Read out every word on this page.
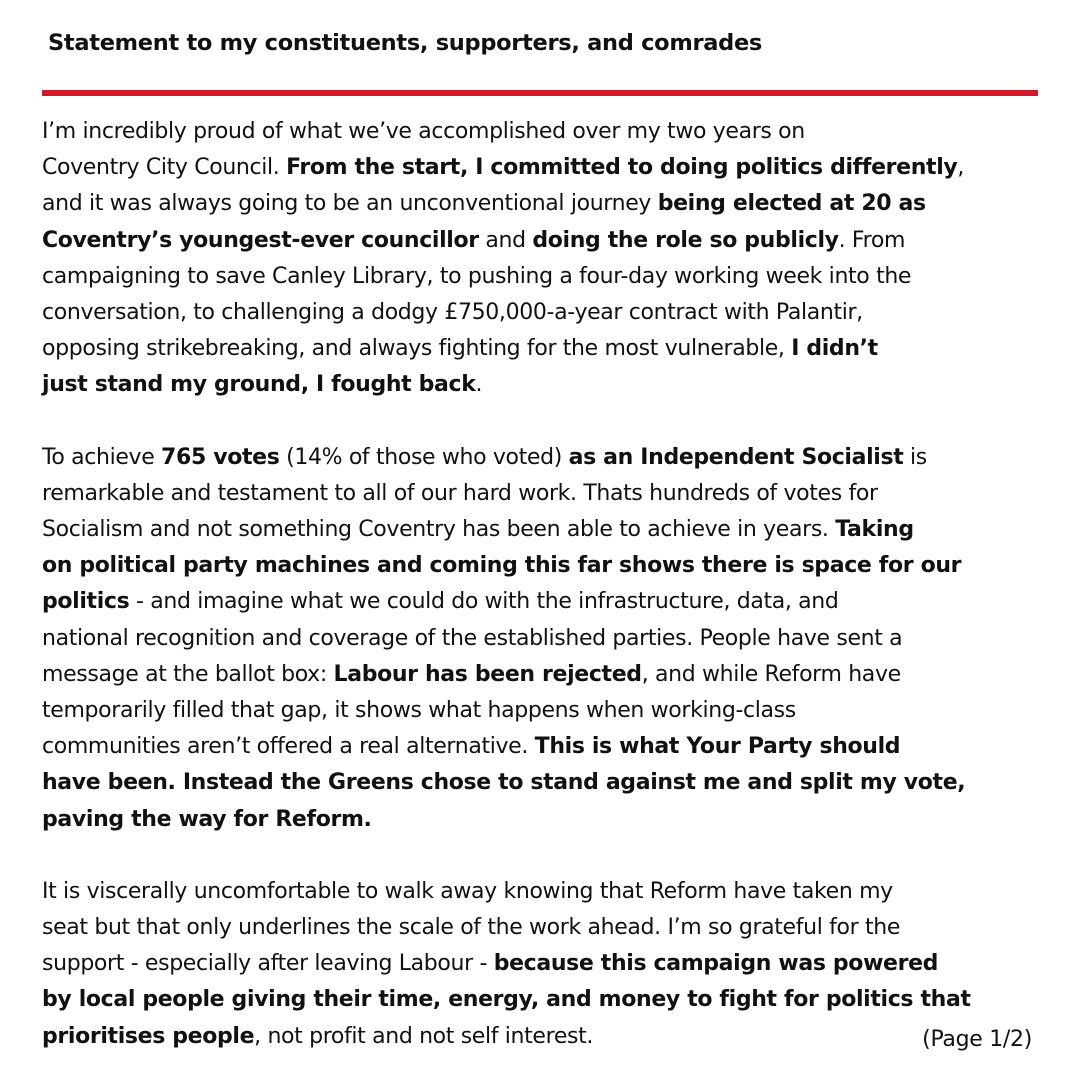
Statement to my constituents, supporters, and comrades
I’m incredibly proud of what we’ve accomplished over my two years on
Coventry City Council. From the start, I committed to doing politics differently,
and it was always going to be an unconventional journey being elected at 20 as
Coventry’s youngest-ever councillor and doing the role so publicly. From
campaigning to save Canley Library, to pushing a four-day working week into the
conversation, to challenging a dodgy £750,000-a-year contract with Palantir,
opposing strikebreaking, and always fighting for the most vulnerable, I didn’t
just stand my ground, I fought back.
To achieve 765 votes (14% of those who voted) as an Independent Socialist is
remarkable and testament to all of our hard work. Thats hundreds of votes for
Socialism and not something Coventry has been able to achieve in years. Taking
on political party machines and coming this far shows there is space for our
politics - and imagine what we could do with the infrastructure, data, and
national recognition and coverage of the established parties. People have sent a
message at the ballot box: Labour has been rejected, and while Reform have
temporarily filled that gap, it shows what happens when working-class
communities aren’t offered a real alternative. This is what Your Party should
have been. Instead the Greens chose to stand against me and split my vote,
paving the way for Reform.
It is viscerally uncomfortable to walk away knowing that Reform have taken my
seat but that only underlines the scale of the work ahead. I’m so grateful for the
support - especially after leaving Labour - because this campaign was powered
by local people giving their time, energy, and money to fight for politics that
prioritises people, not profit and not self interest.	(Page 1/2)
